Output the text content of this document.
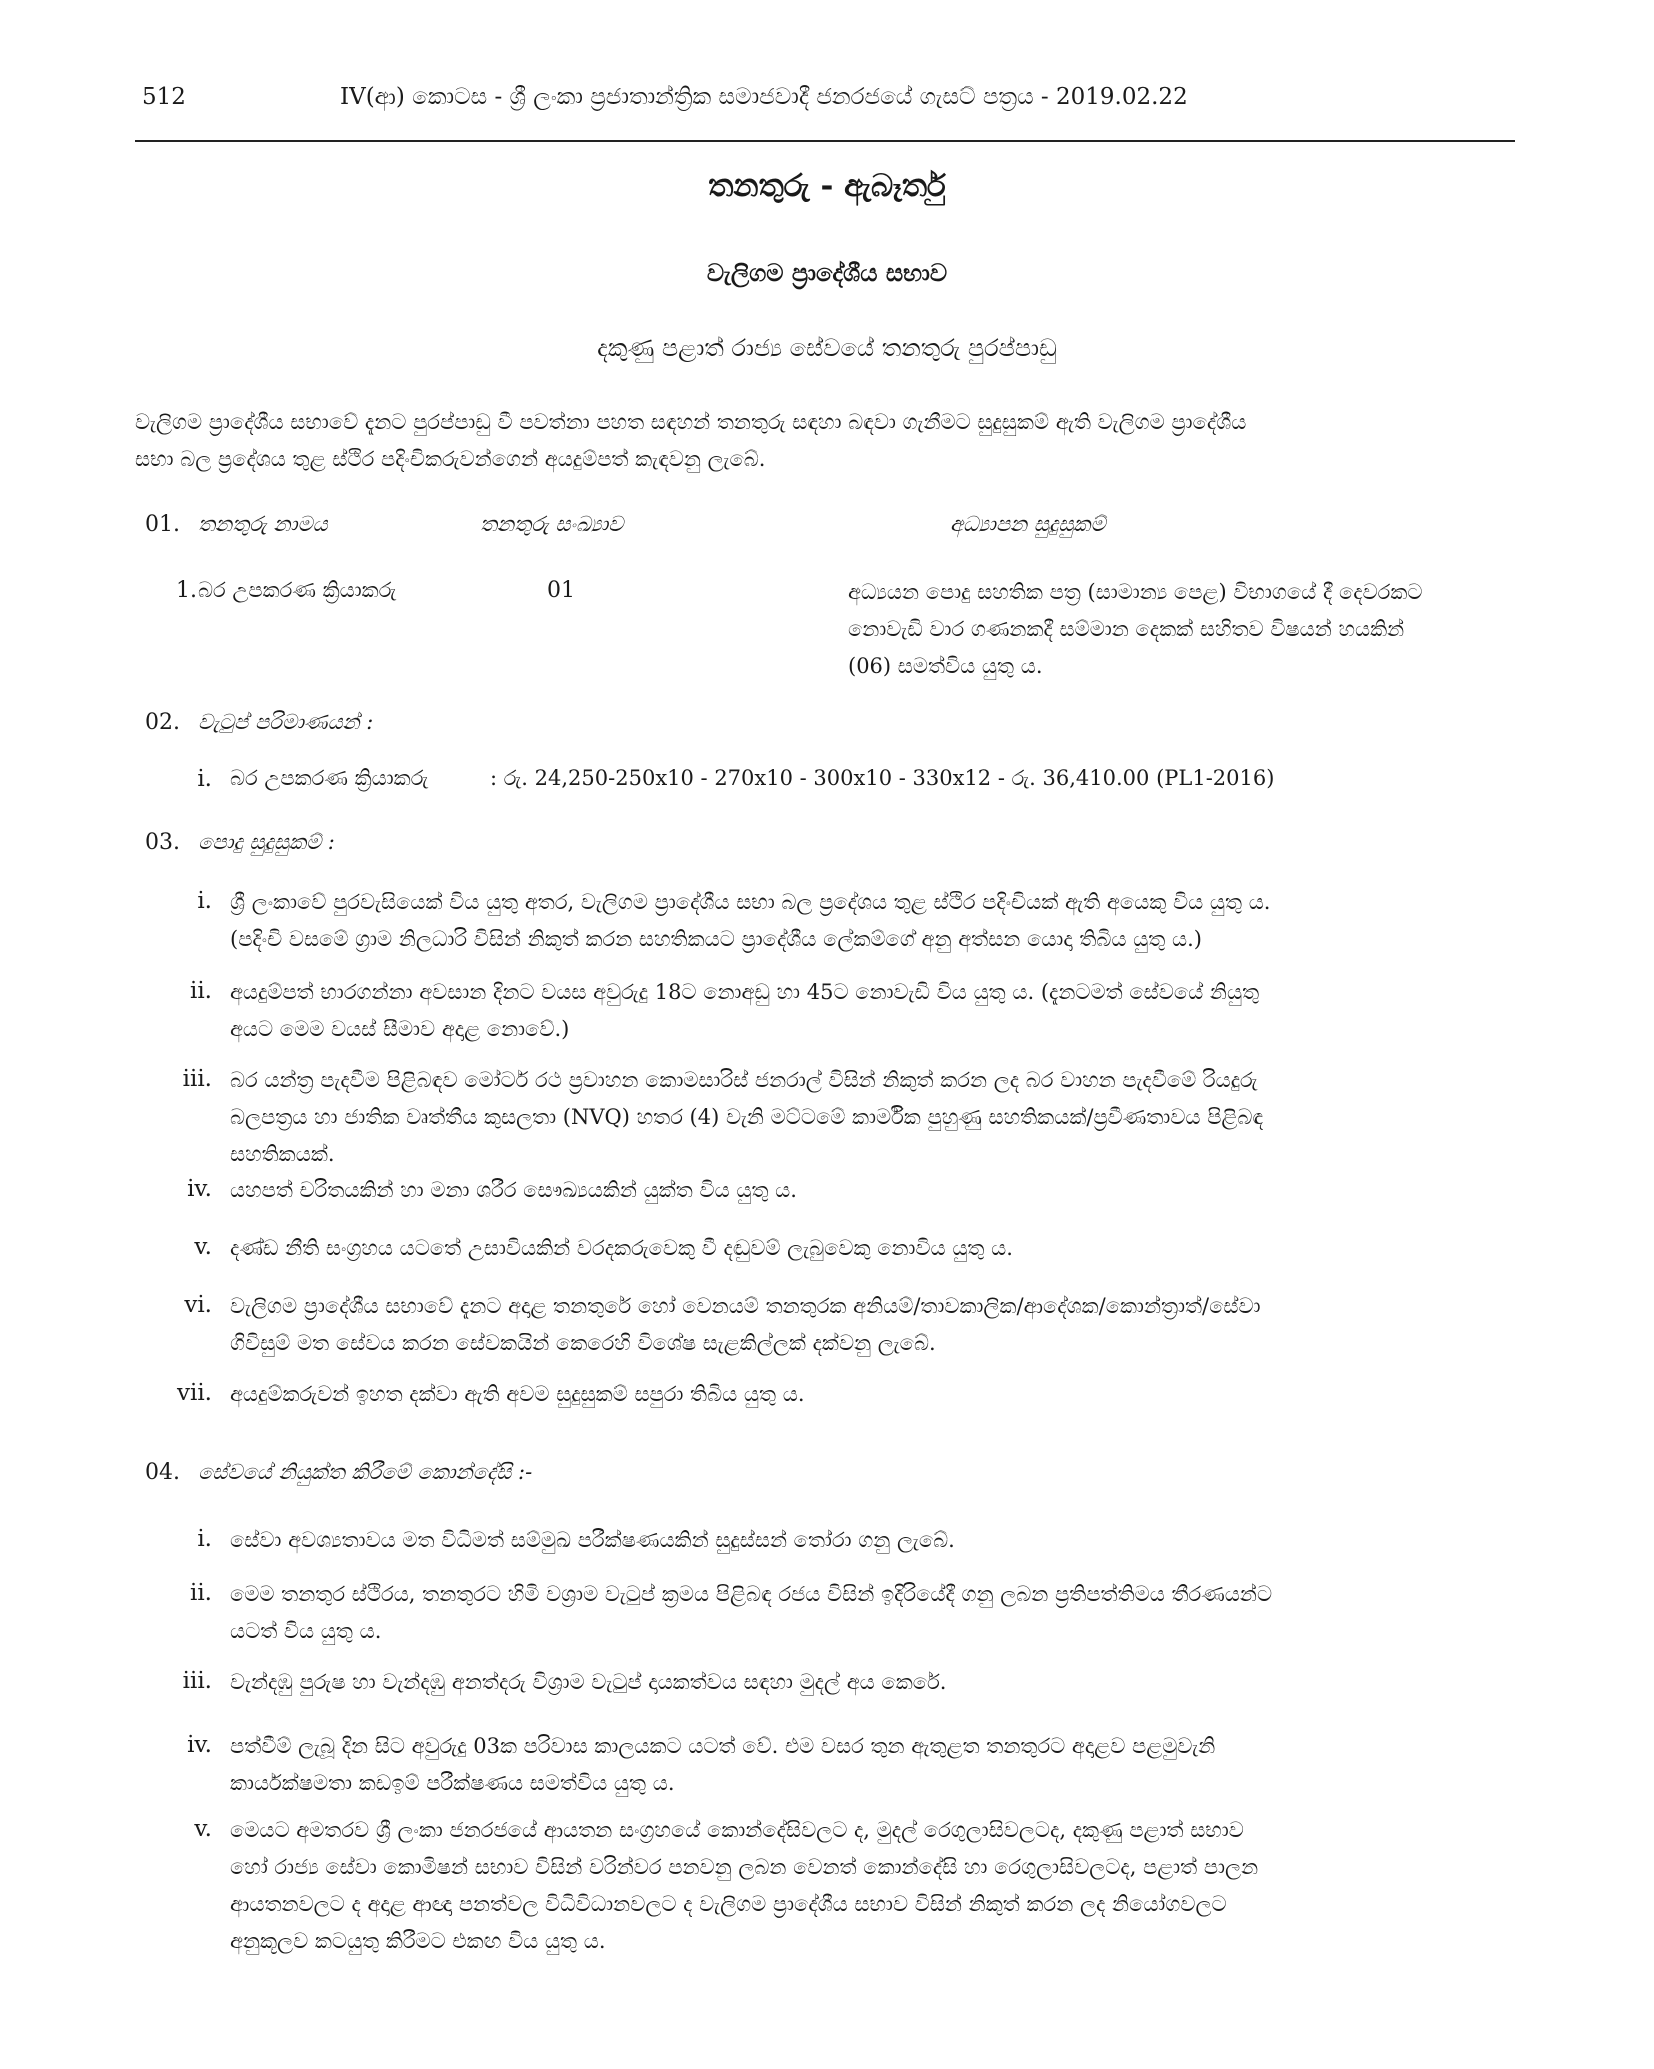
512	IV(ආ) කොටස - ශ්‍රී ලංකා ප්‍රජාතාන්ත්‍රික සමාජවාදී ජනරජයේ ගැසට් පත්‍රය - 2019.02.22
තනතුරු - ඇබෑර්තු
වැලිගම ප්‍රාදේශීය සභාව
දකුණු පළාත් රාජ්‍ය සේවයේ තනතුරු පුරප්පාඩු
වැලිගම ප්‍රාදේශීය සභාවේ දැනට පුරප්පාඩු වී පවත්නා පහත සඳහන් තනතුරු සඳහා බඳවා ගැනීමට සුදුසුකම් ඇති වැලිගම ප්‍රාදේශීය
සභා බල ප්‍රදේශය තුළ ස්ථිර පදිංචිකරුවන්ගෙන් අයදුම්පත් කැඳවනු ලැබේ.
01. තනතුරු නාමය	තනතුරු සංඛ්‍යාව	අධ්‍යාපන සුදුසුකම්
1. බර උපකරණ ක්‍රියාකරු	01	අධ්‍යයන පොදු සහතික පත්‍ර (සාමාන්‍ය පෙළ) විභාගයේ දී දෙවරකට
නොවැඩි වාර ගණනකදී සම්මාන දෙකක් සහිතව විෂයන් හයකින්
(06) සමත්විය යුතු ය.
02. වැටුප් පරිමාණයන් :
i. බර උපකරණ ක්‍රියාකරු	: රු. 24,250-250x10 - 270x10 - 300x10 - 330x12 - රු. 36,410.00 (PL1-2016)
03. පොදු සුදුසුකම් :
i. ශ්‍රී ලංකාවේ පුරවැසියෙක් විය යුතු අතර, වැලිගම ප්‍රාදේශීය සභා බල ප්‍රදේශය තුළ ස්ථිර පදිංචියක් ඇති අයෙකු විය යුතු ය.
(පදිංචි වසමේ ග්‍රාම නිලධාරි විසින් නිකුත් කරන සහතිකයට ප්‍රාදේශීය ලේකම්ගේ අනු අත්සන යොදා තිබිය යුතු ය.)
ii. අයදුම්පත් භාරගන්නා අවසාන දිනට වයස අවුරුදු 18ට නොඅඩු හා 45ට නොවැඩි විය යුතු ය. (දැනටමත් සේවයේ නියුතු
අයට මෙම වයස් සීමාව අදාළ නොවේ.)
iii. බර යන්ත්‍ර පැදවීම පිළිබඳව මෝටර් රථ ප්‍රවාහන කොමසාරිස් ජනරාල් විසින් නිකුත් කරන ලද බර වාහන පැදවීමේ රියදුරු
බලපත්‍රය හා ජාතික වෘත්තීය කුසලතා (NVQ) හතර (4) වැනි මට්ටමේ කාර්මික පුහුණු සහතිකයක්/ප්‍රවීණතාවය පිළිබඳ
සහතිකයක්.
iv. යහපත් චරිතයකින් හා මනා ශරීර සෞඛ්‍යයකින් යුක්ත විය යුතු ය.
v. දණ්ඩ නීති සංග්‍රහය යටතේ උසාවියකින් වරදකරුවෙකු වී දඬුවම් ලැබුවෙකු නොවිය යුතු ය.
vi. වැලිගම ප්‍රාදේශීය සභාවේ දැනට අදාළ තනතුරේ හෝ වෙනයම් තනතුරක අනියම්/තාවකාලික/ආදේශක/කොන්ත්‍රාත්/සේවා
ගිවිසුම් මත සේවය කරන සේවකයින් කෙරෙහි විශේෂ සැළකිල්ලක් දක්වනු ලැබේ.
vii. අයදුම්කරුවන් ඉහත දක්වා ඇති අවම සුදුසුකම් සපුරා තිබිය යුතු ය.
04. සේවයේ නියුක්ත කිරීමේ කොන්දේසි :-
i. සේවා අවශ්‍යතාවය මත විධිමත් සම්මුඛ පරීක්ෂණයකින් සුදුස්සන් තෝරා ගනු ලැබේ.
ii. මෙම තනතුර ස්ථිරය, තනතුරට හිමි වශ්‍රාම වැටුප් ක්‍රමය පිළිබඳ රජය විසින් ඉදිරියේදී ගනු ලබන ප්‍රතිපත්තිමය තීරණයන්ට
යටත් විය යුතු ය.
iii. වැන්දඹු පුරුෂ හා වැන්දඹු අනත්දරු විශ්‍රාම වැටුප් දායකත්වය සඳහා මුදල් අය කෙරේ.
iv. පත්වීම් ලැබූ දින සිට අවුරුදු 03ක පරිවාස කාලයකට යටත් වේ. එම වසර තුන ඇතුළත තනතුරට අදාළව පළමුවැනි
කාර්යක්ෂමතා කඩඉම් පරීක්ෂණය සමත්විය යුතු ය.
v. මෙයට අමතරව ශ්‍රී ලංකා ජනරජයේ ආයතන සංග්‍රහයේ කොන්දේසිවලට ද, මුදල් රෙගුලාසිවලටද, දකුණු පළාත් සභාව
හෝ රාජ්‍ය සේවා කොමිෂන් සභාව විසින් වරින්වර පනවනු ලබන වෙනත් කොන්දේසි හා රෙගුලාසිවලටද, පළාත් පාලන
ආයතනවලට ද අදාළ ආඥා පනත්වල විධිවිධානවලට ද වැලිගම ප්‍රාදේශීය සභාව විසින් නිකුත් කරන ලද නියෝගවලට
අනුකූලව කටයුතු කිරීමට එකඟ විය යුතු ය.
